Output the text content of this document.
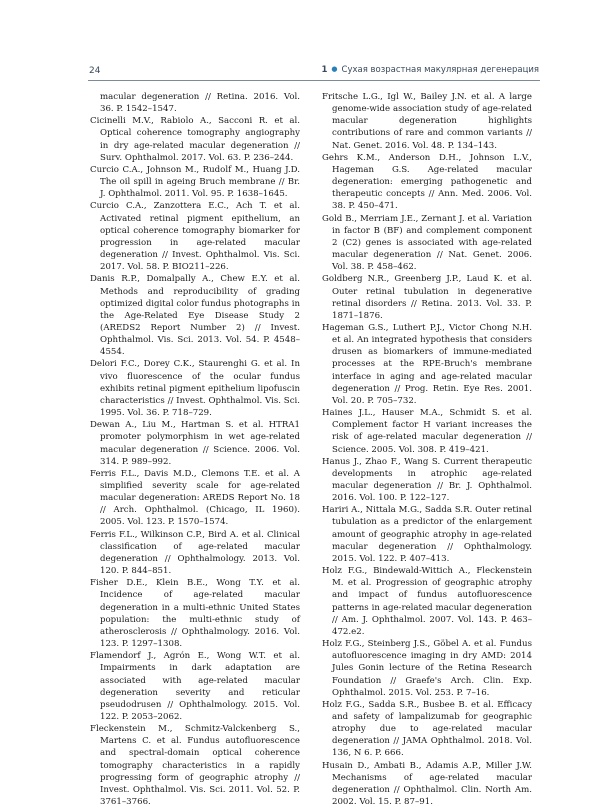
24	1 ● Сухая возрастная макулярная дегенерация

macular degeneration // Retina. 2016. Vol. 36. P. 1542–1547.

Cicinelli M.V., Rabiolo A., Sacconi R. et al. Optical coherence tomography angiography in dry age-related macular degeneration // Surv. Ophthalmol. 2017. Vol. 63. P. 236–244.

Curcio C.A., Johnson M., Rudolf M., Huang J.D. The oil spill in ageing Bruch membrane // Br. J. Ophthalmol. 2011. Vol. 95. P. 1638–1645.

Curcio C.A., Zanzottera E.C., Ach T. et al. Activated retinal pigment epithelium, an optical coherence tomography biomarker for progression in age-related macular degeneration // Invest. Ophthalmol. Vis. Sci. 2017. Vol. 58. P. BIO211–226.

Danis R.P., Domalpally A., Chew E.Y. et al. Methods and reproducibility of grading optimized digital color fundus photographs in the Age-Related Eye Disease Study 2 (AREDS2 Report Number 2) // Invest. Ophthalmol. Vis. Sci. 2013. Vol. 54. P. 4548–4554.

Delori F.C., Dorey C.K., Staurenghi G. et al. In vivo fluorescence of the ocular fundus exhibits retinal pigment epithelium lipofuscin characteristics // Invest. Ophthalmol. Vis. Sci. 1995. Vol. 36. P. 718–729.

Dewan A., Liu M., Hartman S. et al. HTRA1 promoter polymorphism in wet age-related macular degeneration // Science. 2006. Vol. 314. P. 989–992.

Ferris F.L., Davis M.D., Clemons T.E. et al. A simplified severity scale for age-related macular degeneration: AREDS Report No. 18 // Arch. Ophthalmol. (Chicago, IL 1960). 2005. Vol. 123. P. 1570–1574.

Ferris F.L., Wilkinson C.P., Bird A. et al. Clinical classification of age-related macular degeneration // Ophthalmology. 2013. Vol. 120. P. 844–851.

Fisher D.E., Klein B.E., Wong T.Y. et al. Incidence of age-related macular degeneration in a multi-ethnic United States population: the multi-ethnic study of atherosclerosis // Ophthalmology. 2016. Vol. 123. P. 1297–1308.

Flamendorf J., Agrón E., Wong W.T. et al. Impairments in dark adaptation are associated with age-related macular degeneration severity and reticular pseudodrusen // Ophthalmology. 2015. Vol. 122. P. 2053–2062.

Fleckenstein M., Schmitz-Valckenberg S., Martens C. et al. Fundus autofluorescence and spectral-domain optical coherence tomography characteristics in a rapidly progressing form of geographic atrophy // Invest. Ophthalmol. Vis. Sci. 2011. Vol. 52. P. 3761–3766.

Fritsche L.G., Igl W., Bailey J.N. et al. A large genome-wide association study of age-related macular degeneration highlights contributions of rare and common variants // Nat. Genet. 2016. Vol. 48. P. 134–143.

Gehrs K.M., Anderson D.H., Johnson L.V., Hageman G.S. Age-related macular degeneration: emerging pathogenetic and therapeutic concepts // Ann. Med. 2006. Vol. 38. P. 450–471.

Gold B., Merriam J.E., Zernant J. et al. Variation in factor B (BF) and complement component 2 (C2) genes is associated with age-related macular degeneration // Nat. Genet. 2006. Vol. 38. P. 458–462.

Goldberg N.R., Greenberg J.P., Laud K. et al. Outer retinal tubulation in degenerative retinal disorders // Retina. 2013. Vol. 33. P. 1871–1876.

Hageman G.S., Luthert P.J., Victor Chong N.H. et al. An integrated hypothesis that considers drusen as biomarkers of immune-mediated processes at the RPE-Bruch's membrane interface in aging and age-related macular degeneration // Prog. Retin. Eye Res. 2001. Vol. 20. P. 705–732.

Haines J.L., Hauser M.A., Schmidt S. et al. Complement factor H variant increases the risk of age-related macular degeneration // Science. 2005. Vol. 308. P. 419–421.

Hanus J., Zhao F., Wang S. Current therapeutic developments in atrophic age-related macular degeneration // Br. J. Ophthalmol. 2016. Vol. 100. P. 122–127.

Hariri A., Nittala M.G., Sadda S.R. Outer retinal tubulation as a predictor of the enlargement amount of geographic atrophy in age-related macular degeneration // Ophthalmology. 2015. Vol. 122. P. 407–413.

Holz F.G., Bindewald-Wittich A., Fleckenstein M. et al. Progression of geographic atrophy and impact of fundus autofluorescence patterns in age-related macular degeneration // Am. J. Ophthalmol. 2007. Vol. 143. P. 463–472.e2.

Holz F.G., Steinberg J.S., Göbel A. et al. Fundus autofluorescence imaging in dry AMD: 2014 Jules Gonin lecture of the Retina Research Foundation // Graefe's Arch. Clin. Exp. Ophthalmol. 2015. Vol. 253. P. 7–16.

Holz F.G., Sadda S.R., Busbee B. et al. Efficacy and safety of lampalizumab for geographic atrophy due to age-related macular degeneration // JAMA Ophthalmol. 2018. Vol. 136, N 6. P. 666.

Husain D., Ambati B., Adamis A.P., Miller J.W. Mechanisms of age-related macular degeneration // Ophthalmol. Clin. North Am. 2002. Vol. 15. P. 87–91.
